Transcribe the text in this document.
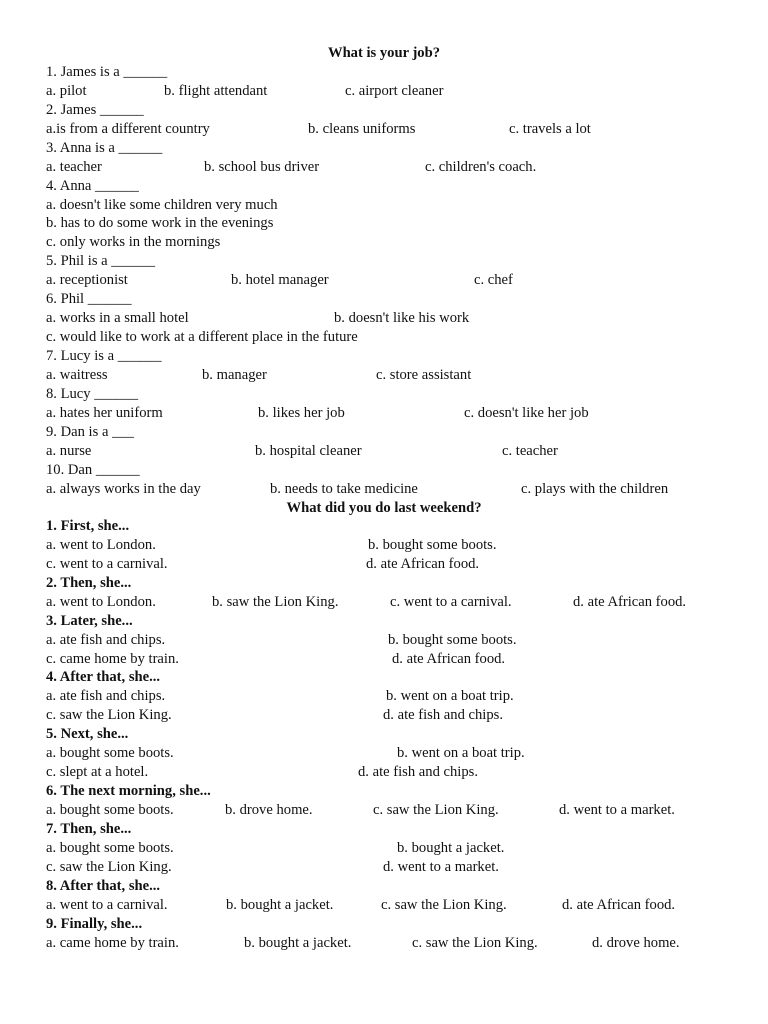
What is your job?
1. James is a ______
a. pilot	b. flight attendant	c. airport cleaner
2. James ______
a.is from a different country	b. cleans uniforms	c. travels a lot
3. Anna is a ______
a. teacher	b. school bus driver	c. children's coach.
4. Anna ______
a. doesn't like some children very much
b. has to do some work in the evenings
c. only works in the mornings
5. Phil is a ______
a. receptionist	b. hotel manager	c. chef
6. Phil ______
a. works in a small hotel	b. doesn't like his work
c. would like to work at a different place in the future
7. Lucy is a ______
a. waitress	b. manager	c. store assistant
8. Lucy ______
a. hates her uniform	b. likes her job	c. doesn't like her job
9. Dan is a ___
a. nurse	b. hospital cleaner	c. teacher
10. Dan ______
a. always works in the day	b. needs to take medicine	c. plays with the children
What did you do last weekend?
1. First, she...
a. went to London.	b. bought some boots.
c. went to a carnival.	d. ate African food.
2. Then, she...
a. went to London.	b. saw the Lion King.	c. went to a carnival.	d. ate African food.
3. Later, she...
a. ate fish and chips.	b. bought some boots.
c. came home by train.	d. ate African food.
4. After that, she...
a. ate fish and chips.	b. went on a boat trip.
c. saw the Lion King.	d. ate fish and chips.
5. Next, she...
a. bought some boots.	b. went on a boat trip.
c. slept at a hotel.	d. ate fish and chips.
6. The next morning, she...
a. bought some boots.	b. drove home.	c. saw the Lion King.	d. went to a market.
7. Then, she...
a. bought some boots.	b. bought a jacket.
c. saw the Lion King.	d. went to a market.
8. After that, she...
a. went to a carnival.	b. bought a jacket.	c. saw the Lion King.	d. ate African food.
9. Finally, she...
a. came home by train.	b. bought a jacket.	c. saw the Lion King.	d. drove home.
